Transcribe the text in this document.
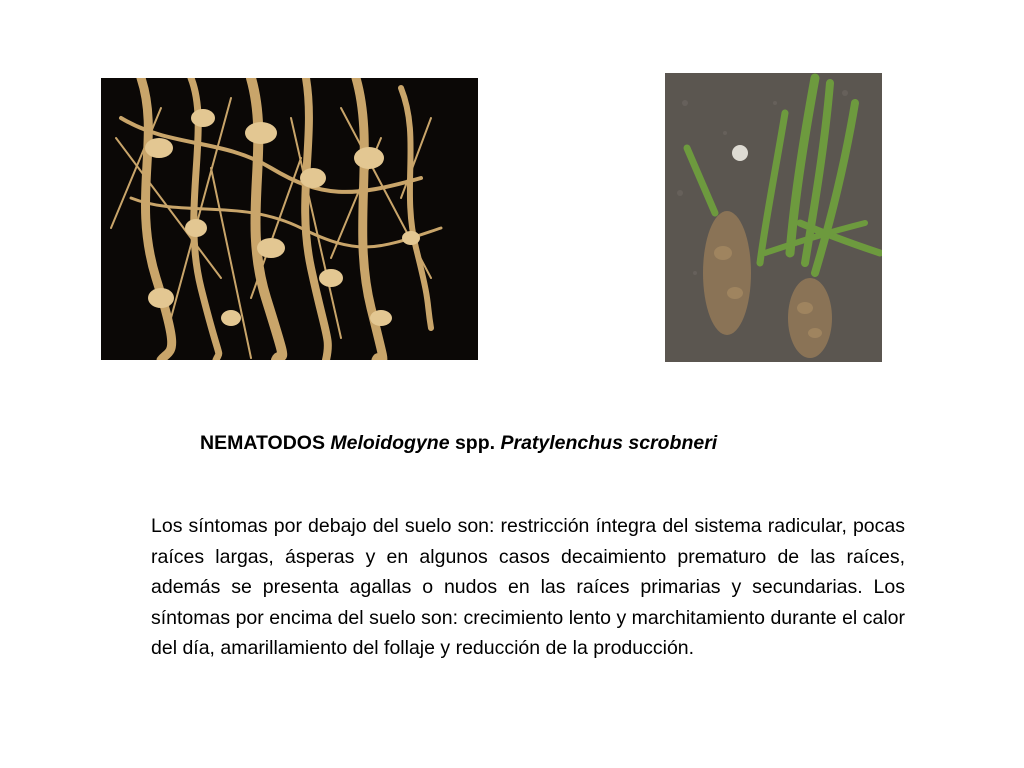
NEMATODOS Meloidogyne spp. Pratylenchus scrobneri

Los síntomas por debajo del suelo son: restricción íntegra del sistema radicular, pocas raíces largas, ásperas y en algunos casos decaimiento prematuro de las raíces, además se presenta agallas o nudos en las raíces primarias y secundarias. Los síntomas por encima del suelo son: crecimiento lento y marchitamiento durante el calor del día, amarillamiento del follaje y reducción de la producción.
